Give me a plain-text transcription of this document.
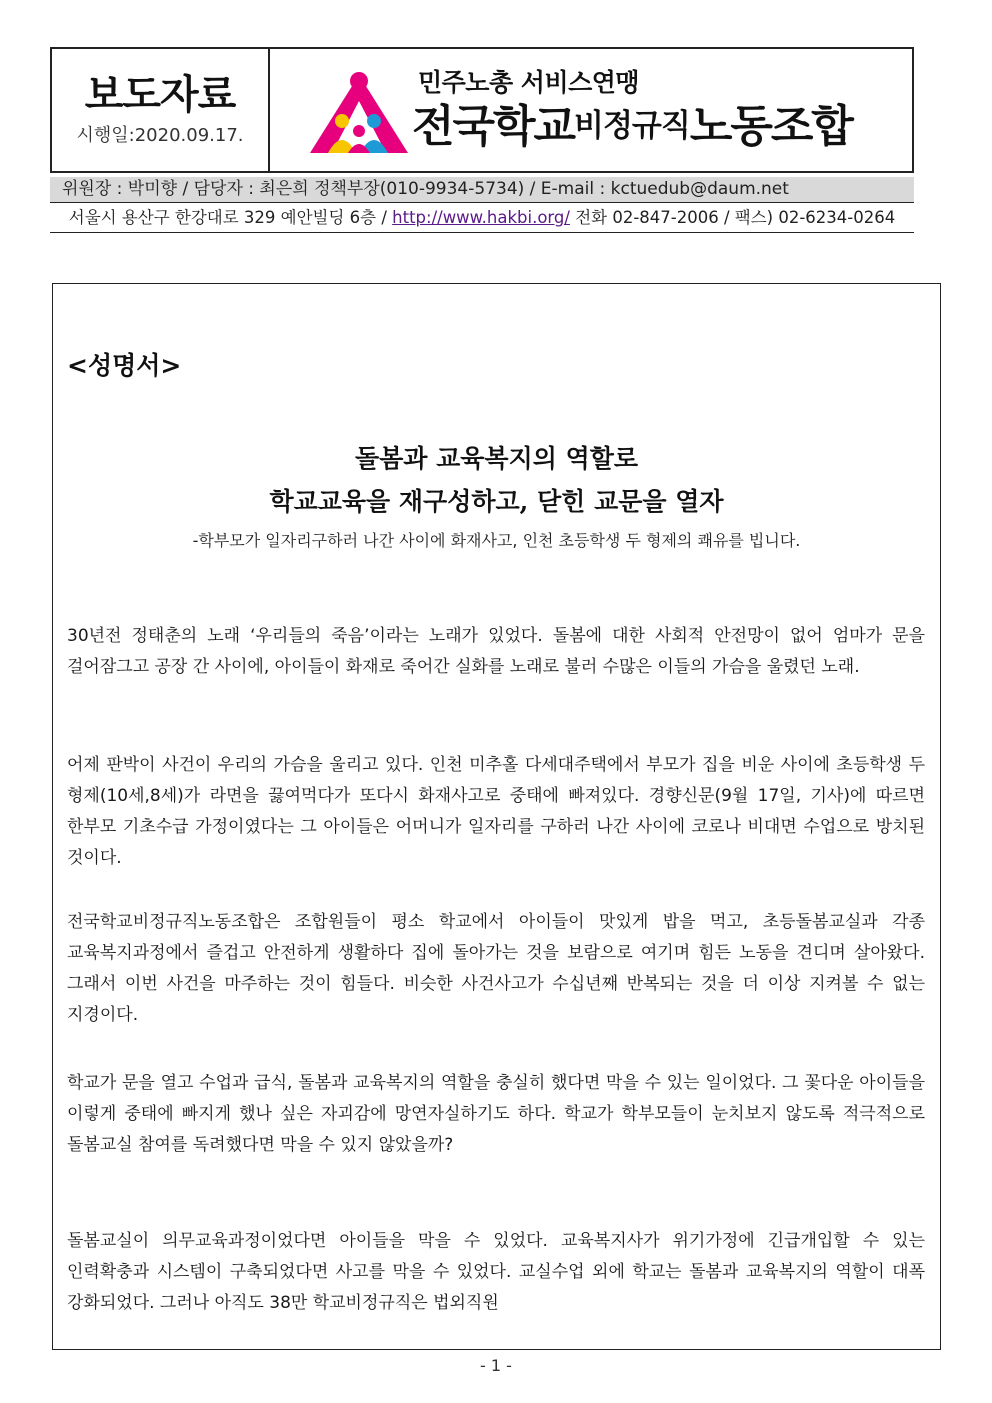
보도자료
시행일:2020.09.17.
민주노총 서비스연맹
전국학교비정규직노동조합
위원장 : 박미향 / 담당자 : 최은희 정책부장(010-9934-5734) / E-mail : kctuedub@daum.net
서울시 용산구 한강대로 329 예안빌딩 6층 / http://www.hakbi.org/ 전화 02-847-2006 / 팩스) 02-6234-0264
<성명서>
돌봄과 교육복지의 역할로
학교교육을 재구성하고, 닫힌 교문을 열자
-학부모가 일자리구하러 나간 사이에 화재사고, 인천 초등학생 두 형제의 쾌유를 빕니다.
30년전 정태춘의 노래 ‘우리들의 죽음’이라는 노래가 있었다. 돌봄에 대한 사회적 안전망이 없어 엄마가 문을 걸어잠그고 공장 간 사이에, 아이들이 화재로 죽어간 실화를 노래로 불러 수많은 이들의 가슴을 울렸던 노래.
어제 판박이 사건이 우리의 가슴을 울리고 있다. 인천 미추홀 다세대주택에서 부모가 집을 비운 사이에 초등학생 두 형제(10세,8세)가 라면을 끓여먹다가 또다시 화재사고로 중태에 빠져있다. 경향신문(9월 17일, 기사)에 따르면 한부모 기초수급 가정이였다는 그 아이들은 어머니가 일자리를 구하러 나간 사이에 코로나 비대면 수업으로 방치된 것이다.
전국학교비정규직노동조합은 조합원들이 평소 학교에서 아이들이 맛있게 밥을 먹고, 초등돌봄교실과 각종 교육복지과정에서 즐겁고 안전하게 생활하다 집에 돌아가는 것을 보람으로 여기며 힘든 노동을 견디며 살아왔다. 그래서 이번 사건을 마주하는 것이 힘들다. 비슷한 사건사고가 수십년째 반복되는 것을 더 이상 지켜볼 수 없는 지경이다.
학교가 문을 열고 수업과 급식, 돌봄과 교육복지의 역할을 충실히 했다면 막을 수 있는 일이었다. 그 꽃다운 아이들을 이렇게 중태에 빠지게 했나 싶은 자괴감에 망연자실하기도 하다. 학교가 학부모들이 눈치보지 않도록 적극적으로 돌봄교실 참여를 독려했다면 막을 수 있지 않았을까?
돌봄교실이 의무교육과정이었다면 아이들을 막을 수 있었다. 교육복지사가 위기가정에 긴급개입할 수 있는 인력확충과 시스템이 구축되었다면 사고를 막을 수 있었다. 교실수업 외에 학교는 돌봄과 교육복지의 역할이 대폭 강화되었다. 그러나 아직도 38만 학교비정규직은 법외직원
- 1 -
